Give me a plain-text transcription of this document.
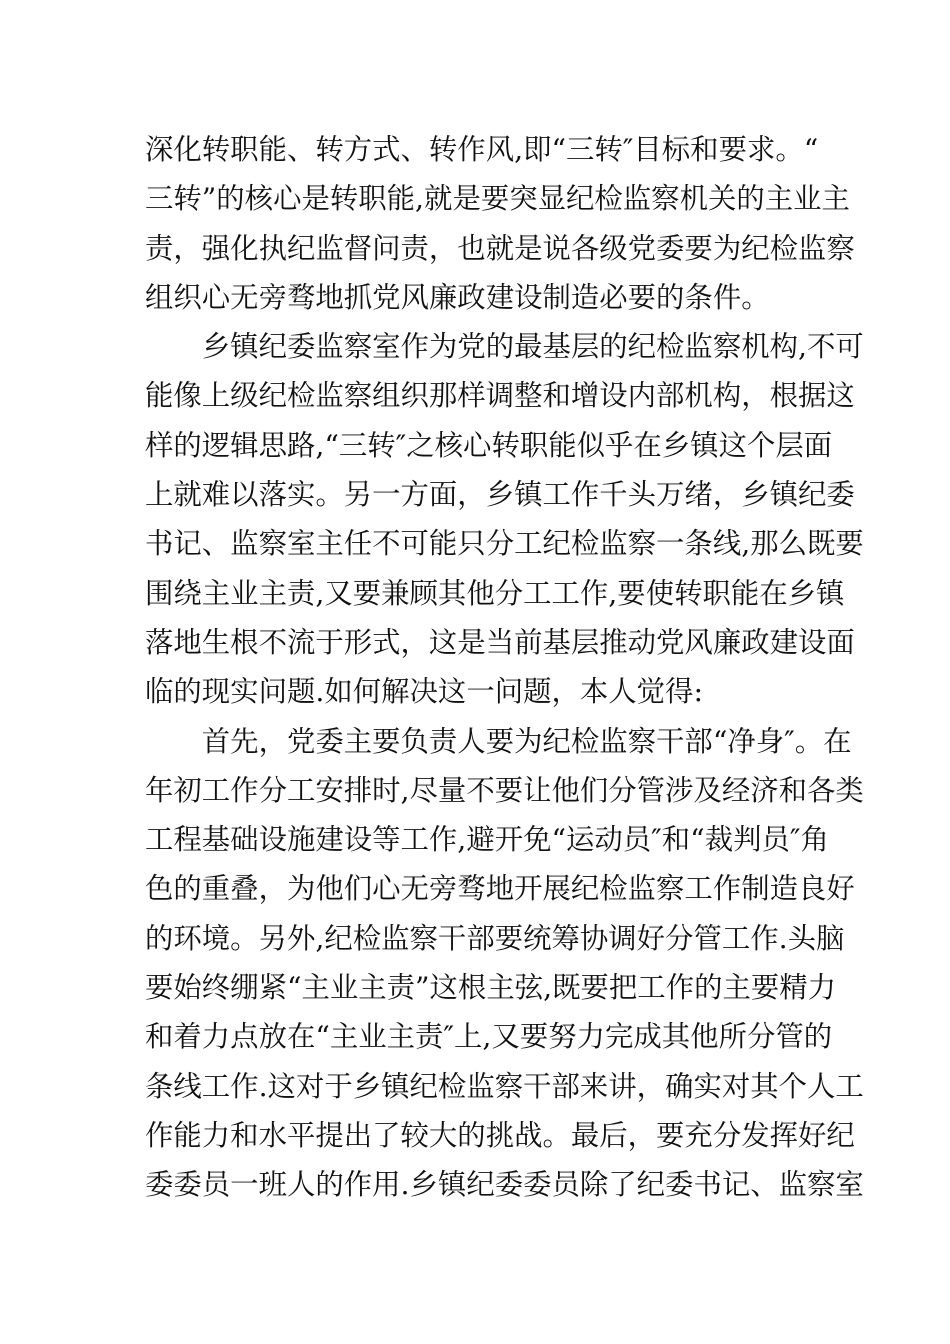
深化转职能、转方式、转作风,即“三转″目标和要求。“
三转”的核心是转职能,就是要突显纪检监察机关的主业主
责，强化执纪监督问责，也就是说各级党委要为纪检监察
组织心无旁骛地抓党风廉政建设制造必要的条件。
　　乡镇纪委监察室作为党的最基层的纪检监察机构,不可
能像上级纪检监察组织那样调整和增设内部机构，根据这
样的逻辑思路,“三转″之核心转职能似乎在乡镇这个层面
上就难以落实。另一方面，乡镇工作千头万绪，乡镇纪委
书记、监察室主任不可能只分工纪检监察一条线,那么既要
围绕主业主责,又要兼顾其他分工工作,要使转职能在乡镇
落地生根不流于形式，这是当前基层推动党风廉政建设面
临的现实问题.如何解决这一问题，本人觉得:
　　首先，党委主要负责人要为纪检监察干部“净身″。在
年初工作分工安排时,尽量不要让他们分管涉及经济和各类
工程基础设施建设等工作,避开免“运动员″和“裁判员″角
色的重叠，为他们心无旁骛地开展纪检监察工作制造良好
的环境。另外,纪检监察干部要统筹协调好分管工作.头脑
要始终绷紧“主业主责”这根主弦,既要把工作的主要精力
和着力点放在“主业主责″上,又要努力完成其他所分管的
条线工作.这对于乡镇纪检监察干部来讲，确实对其个人工
作能力和水平提出了较大的挑战。最后，要充分发挥好纪
委委员一班人的作用.乡镇纪委委员除了纪委书记、监察室
